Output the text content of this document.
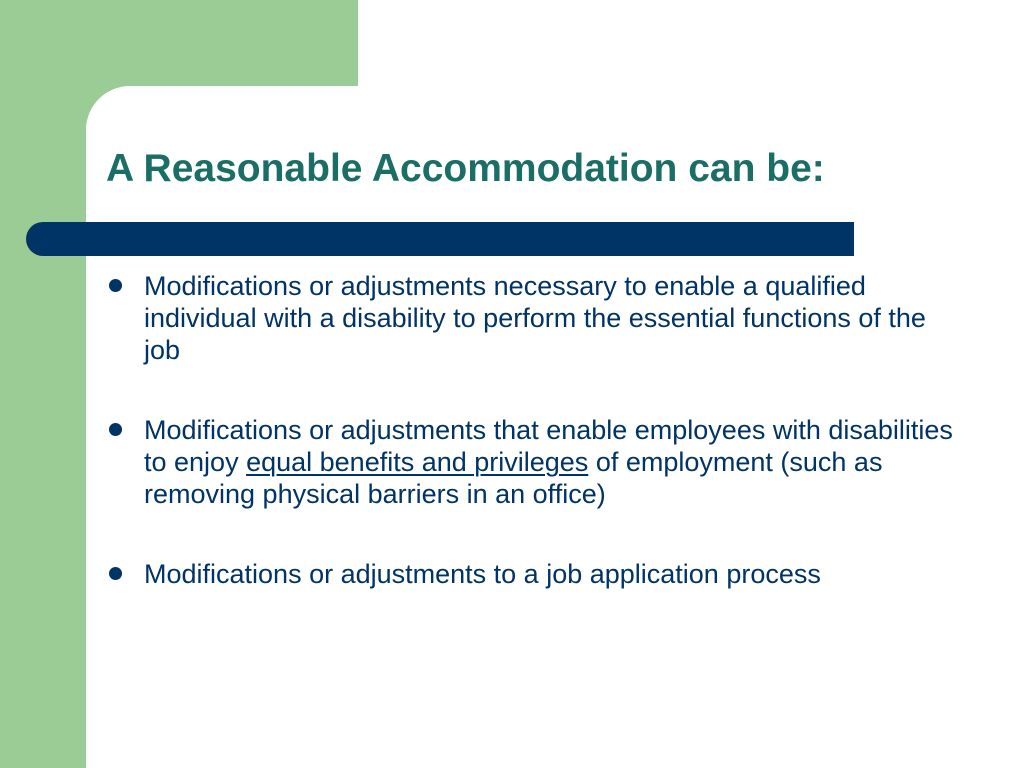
A Reasonable Accommodation can be:
Modifications or adjustments necessary to enable a qualified individual with a disability to perform the essential functions of the job
Modifications or adjustments that enable employees with disabilities to enjoy equal benefits and privileges of employment (such as removing physical barriers in an office)
Modifications or adjustments to a job application process
